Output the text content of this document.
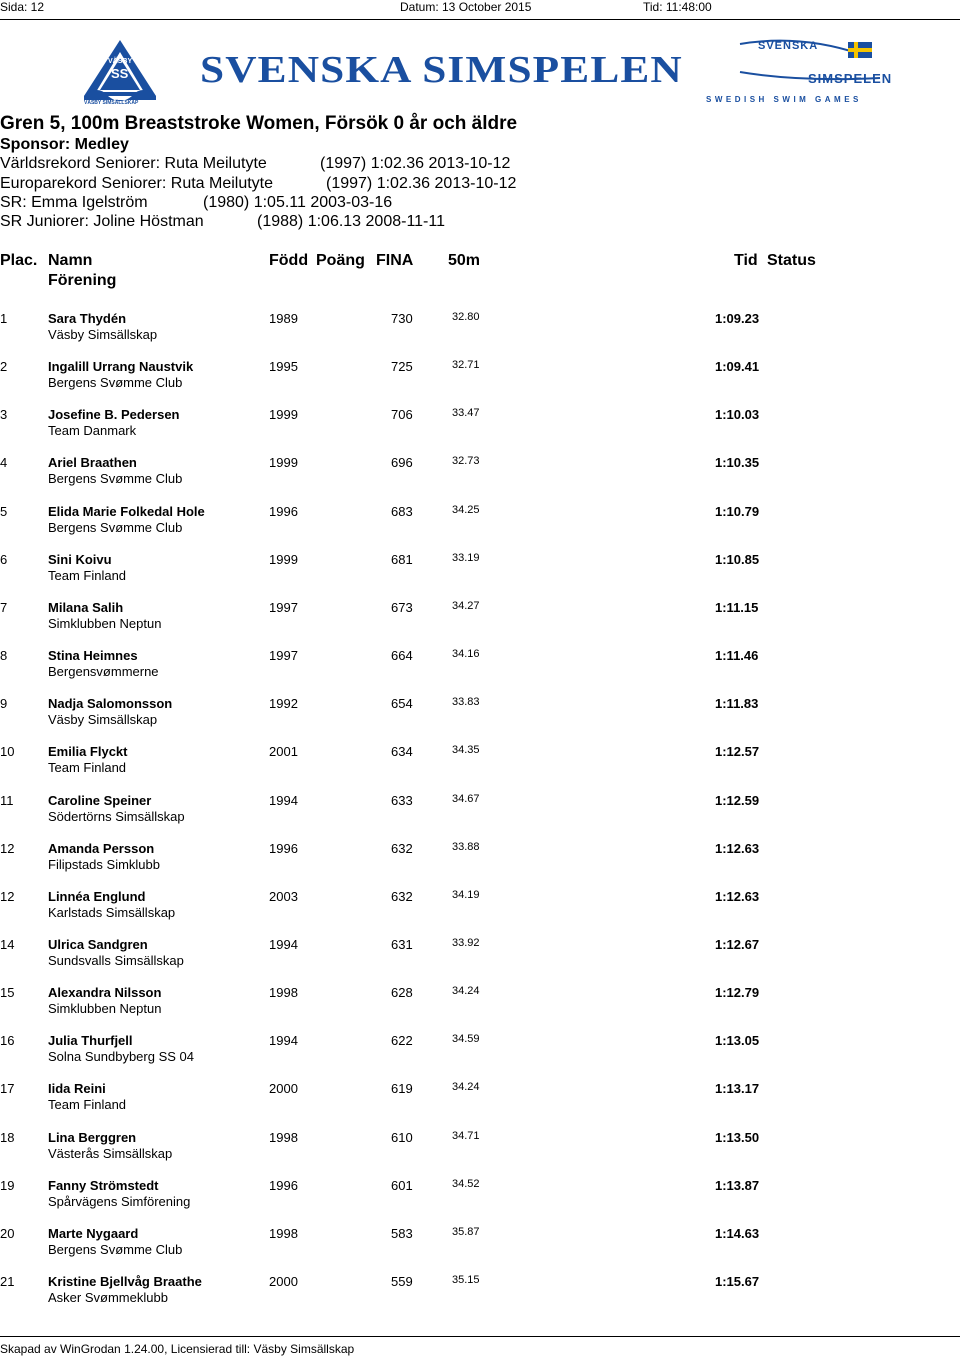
Sida: 12	Datum: 13 October 2015	Tid: 11:48:00
VÄSBY
SS
VÄSBY SIMSÄLLSKAP
SVENSKA SIMSPELEN
SVENSKA
SIMSPELEN
SWEDISH SWIM GAMES
Gren 5, 100m Breaststroke Women, Försök 0 år och äldre
Sponsor: Medley
Världsrekord Seniorer: Ruta Meilutyte	(1997) 1:02.36 2013-10-12
Europarekord Seniorer: Ruta Meilutyte	(1997) 1:02.36 2013-10-12
SR: Emma Igelström	(1980) 1:05.11 2003-03-16
SR Juniorer: Joline Höstman	(1988) 1:06.13 2008-11-11
Plac. Namn
Förening
Född Poäng FINA 50m	Tid Status
1	Sara Thydén	1989	730	32.80	1:09.23
Väsby Simsällskap
2	Ingalill Urrang Naustvik	1995	725	32.71	1:09.41
Bergens Svømme Club
3	Josefine B. Pedersen	1999	706	33.47	1:10.03
Team Danmark
4	Ariel Braathen	1999	696	32.73	1:10.35
Bergens Svømme Club
5	Elida Marie Folkedal Hole	1996	683	34.25	1:10.79
Bergens Svømme Club
6	Sini Koivu	1999	681	33.19	1:10.85
Team Finland
7	Milana Salih	1997	673	34.27	1:11.15
Simklubben Neptun
8	Stina Heimnes	1997	664	34.16	1:11.46
Bergensvømmerne
9	Nadja Salomonsson	1992	654	33.83	1:11.83
Väsby Simsällskap
10	Emilia Flyckt	2001	634	34.35	1:12.57
Team Finland
11	Caroline Speiner	1994	633	34.67	1:12.59
Södertörns Simsällskap
12	Amanda Persson	1996	632	33.88	1:12.63
Filipstads Simklubb
12	Linnéa Englund	2003	632	34.19	1:12.63
Karlstads Simsällskap
14	Ulrica Sandgren	1994	631	33.92	1:12.67
Sundsvalls Simsällskap
15	Alexandra Nilsson	1998	628	34.24	1:12.79
Simklubben Neptun
16	Julia Thurfjell	1994	622	34.59	1:13.05
Solna Sundbyberg SS 04
17	Iida Reini	2000	619	34.24	1:13.17
Team Finland
18	Lina Berggren	1998	610	34.71	1:13.50
Västerås Simsällskap
19	Fanny Strömstedt	1996	601	34.52	1:13.87
Spårvägens Simförening
20	Marte Nygaard	1998	583	35.87	1:14.63
Bergens Svømme Club
21	Kristine Bjellvåg Braathe	2000	559	35.15	1:15.67
Asker Svømmeklubb
Skapad av WinGrodan 1.24.00, Licensierad till: Väsby Simsällskap
